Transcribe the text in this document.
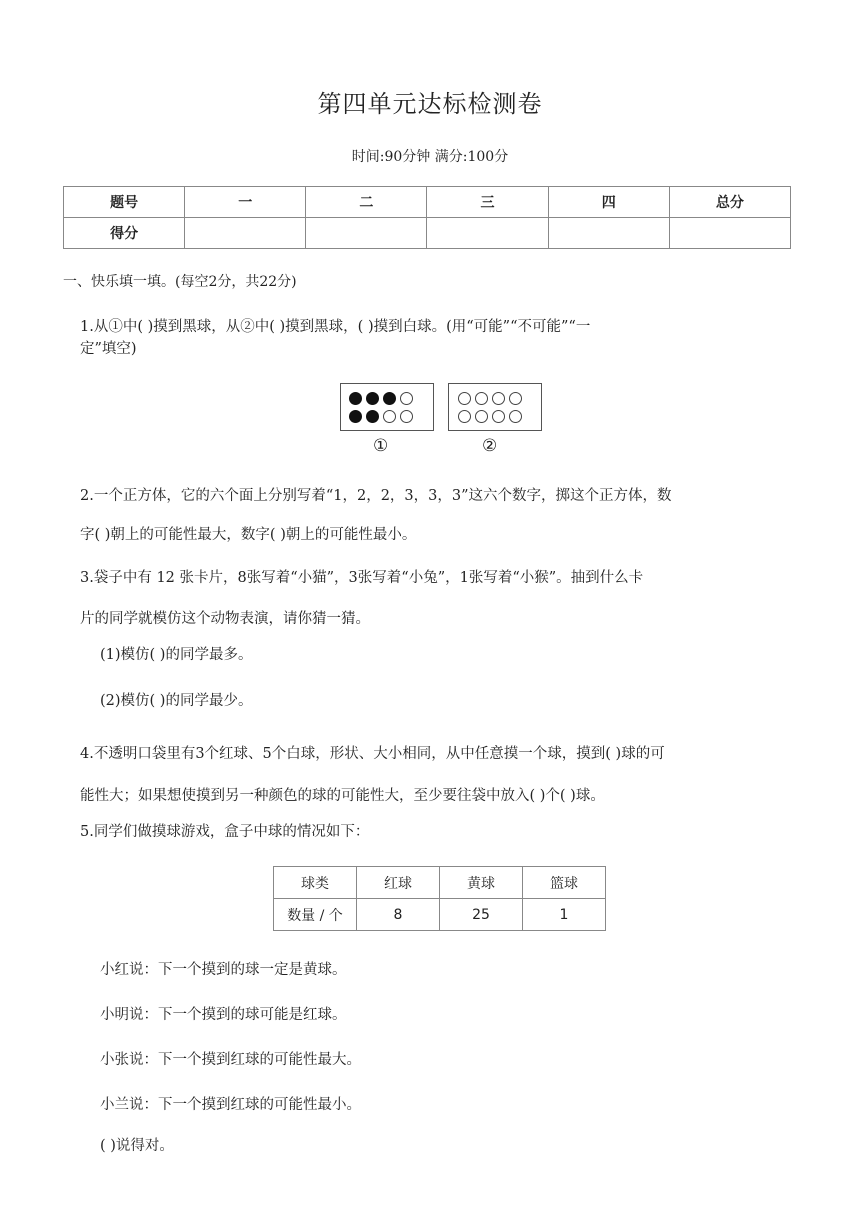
第四单元达标检测卷
时间:90分钟 满分:100分
题号	一	二	三	四	总分
得分					
一、快乐填一填。(每空2分，共22分)
1.从①中( )摸到黑球，从②中( )摸到黑球，( )摸到白球。(用“可能”“不可能”“一
定”填空)
①	②
2.一个正方体，它的六个面上分别写着“1，2，2，3，3，3”这六个数字，掷这个正方体，数
字( )朝上的可能性最大，数字( )朝上的可能性最小。
3.袋子中有 12 张卡片，8张写着“小猫”，3张写着“小兔”，1张写着“小猴”。抽到什么卡
片的同学就模仿这个动物表演，请你猜一猜。
(1)模仿( )的同学最多。
(2)模仿( )的同学最少。
4.不透明口袋里有3个红球、5个白球，形状、大小相同，从中任意摸一个球，摸到( )球的可
能性大；如果想使摸到另一种颜色的球的可能性大，至少要往袋中放入( )个( )球。
5.同学们做摸球游戏，盒子中球的情况如下：
球类	红球	黄球	篮球
数量 / 个	8	25	1
小红说：下一个摸到的球一定是黄球。
小明说：下一个摸到的球可能是红球。
小张说：下一个摸到红球的可能性最大。
小兰说：下一个摸到红球的可能性最小。
( )说得对。
